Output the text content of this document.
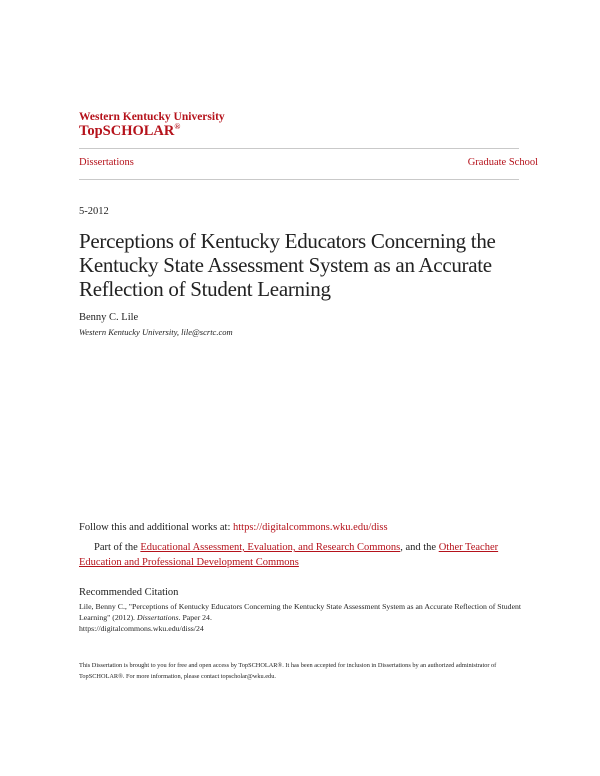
Western Kentucky University
TopSCHOLAR®
Dissertations	Graduate School
5-2012
Perceptions of Kentucky Educators Concerning the Kentucky State Assessment System as an Accurate Reflection of Student Learning
Benny C. Lile
Western Kentucky University, lile@scrtc.com
Follow this and additional works at: https://digitalcommons.wku.edu/diss
Part of the Educational Assessment, Evaluation, and Research Commons, and the Other Teacher Education and Professional Development Commons
Recommended Citation
Lile, Benny C., "Perceptions of Kentucky Educators Concerning the Kentucky State Assessment System as an Accurate Reflection of Student Learning" (2012). Dissertations. Paper 24.
https://digitalcommons.wku.edu/diss/24
This Dissertation is brought to you for free and open access by TopSCHOLAR®. It has been accepted for inclusion in Dissertations by an authorized administrator of TopSCHOLAR®. For more information, please contact topscholar@wku.edu.
